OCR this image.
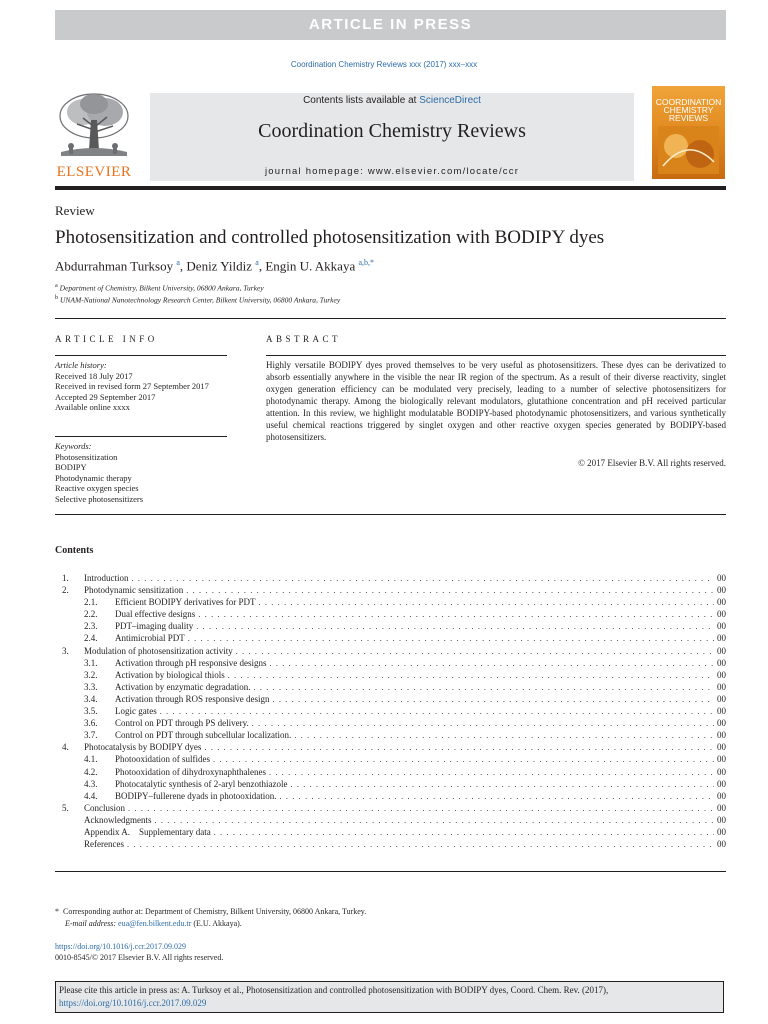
ARTICLE IN PRESS
Coordination Chemistry Reviews xxx (2017) xxx–xxx
Contents lists available at ScienceDirect
Coordination Chemistry Reviews
journal homepage: www.elsevier.com/locate/ccr
ELSEVIER
COORDINATION CHEMISTRY REVIEWS
Review
Photosensitization and controlled photosensitization with BODIPY dyes
Abdurrahman Turksoy $^a$, Deniz Yildiz $^a$, Engin U. Akkaya $^{a,b,*}$
$^a$ Department of Chemistry, Bilkent University, 06800 Ankara, Turkey
$^b$ UNAM-National Nanotechnology Research Center, Bilkent University, 06800 Ankara, Turkey
ARTICLE INFO
Article history:
Received 18 July 2017
Received in revised form 27 September 2017
Accepted 29 September 2017
Available online xxxx
Keywords:
Photosensitization
BODIPY
Photodynamic therapy
Reactive oxygen species
Selective photosensitizers
ABSTRACT
Highly versatile BODIPY dyes proved themselves to be very useful as photosensitizers. These dyes can be derivatized to absorb essentially anywhere in the visible the near IR region of the spectrum. As a result of their diverse reactivity, singlet oxygen generation efficiency can be modulated very precisely, leading to a number of selective photosensitizers for photodynamic therapy. Among the biologically relevant modulators, glutathione concentration and pH received particular attention. In this review, we highlight modulatable BODIPY-based photodynamic photosensitizers, and various synthetically useful chemical reactions triggered by singlet oxygen and other reactive oxygen species generated by BODIPY-based photosensitizers.
© 2017 Elsevier B.V. All rights reserved.
Contents
1.	Introduction . . .	00
2.	Photodynamic sensitization . . .	00
2.1.	Efficient BODIPY derivatives for PDT . . .	00
2.2.	Dual effective designs . . .	00
2.3.	PDT–imaging duality . . .	00
2.4.	Antimicrobial PDT . . .	00
3.	Modulation of photosensitization activity . . .	00
3.1.	Activation through pH responsive designs . . .	00
3.2.	Activation by biological thiols . . .	00
3.3.	Activation by enzymatic degradation. . . .	00
3.4.	Activation through ROS responsive design . . .	00
3.5.	Logic gates . . .	00
3.6.	Control on PDT through PS delivery. . . .	00
3.7.	Control on PDT through subcellular localization. . . .	00
4.	Photocatalysis by BODIPY dyes . . .	00
4.1.	Photooxidation of sulfides . . .	00
4.2.	Photooxidation of dihydroxynaphthalenes . . .	00
4.3.	Photocatalytic synthesis of 2-aryl benzothiazole . . .	00
4.4.	BODIPY–fullerene dyads in photooxidation. . . .	00
5.	Conclusion . . .	00
Acknowledgments . . .	00
Appendix A.    Supplementary data . . .	00
References . . .	00
* Corresponding author at: Department of Chemistry, Bilkent University, 06800 Ankara, Turkey.
E-mail address: eua@fen.bilkent.edu.tr (E.U. Akkaya).
https://doi.org/10.1016/j.ccr.2017.09.029
0010-8545/© 2017 Elsevier B.V. All rights reserved.
Please cite this article in press as: A. Turksoy et al., Photosensitization and controlled photosensitization with BODIPY dyes, Coord. Chem. Rev. (2017),
https://doi.org/10.1016/j.ccr.2017.09.029
